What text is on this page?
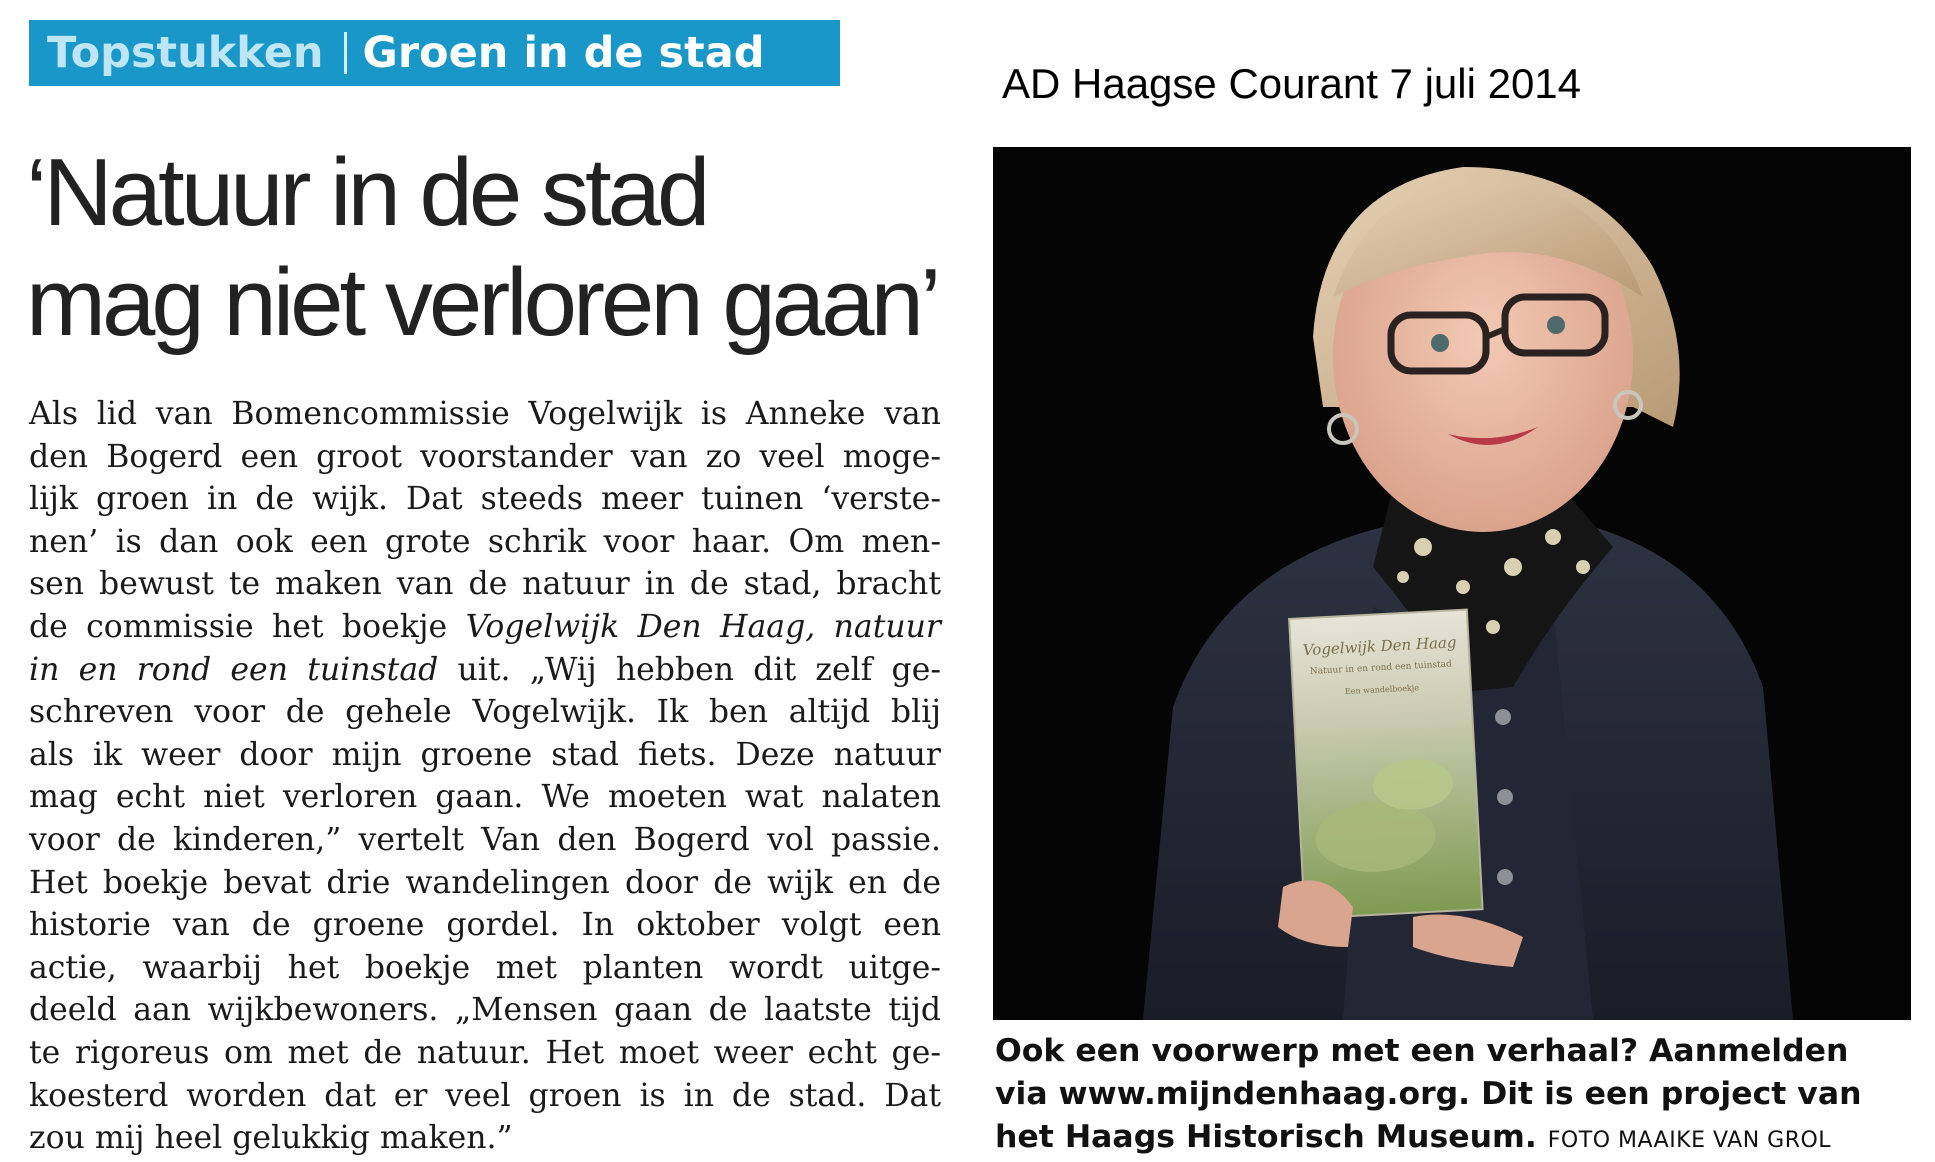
Topstukken Groen in de stad
AD Haagse Courant 7 juli 2014
‘Natuur in de stad
mag niet verloren gaan’
Als lid van Bomencommissie Vogelwijk is Anneke van
den Bogerd een groot voorstander van zo veel moge-
lijk groen in de wijk. Dat steeds meer tuinen ‘verste-
nen’ is dan ook een grote schrik voor haar. Om men-
sen bewust te maken van de natuur in de stad, bracht
de commissie het boekje Vogelwijk Den Haag, natuur
in en rond een tuinstad uit. „Wij hebben dit zelf ge-
schreven voor de gehele Vogelwijk. Ik ben altijd blij
als ik weer door mijn groene stad fiets. Deze natuur
mag echt niet verloren gaan. We moeten wat nalaten
voor de kinderen,” vertelt Van den Bogerd vol passie.
Het boekje bevat drie wandelingen door de wijk en de
historie van de groene gordel. In oktober volgt een
actie, waarbij het boekje met planten wordt uitge-
deeld aan wijkbewoners. „Mensen gaan de laatste tijd
te rigoreus om met de natuur. Het moet weer echt ge-
koesterd worden dat er veel groen is in de stad. Dat
zou mij heel gelukkig maken.”
Vogelwijk Den Haag
Natuur in en rond een tuinstad
Een wandelboekje
Ook een voorwerp met een verhaal? Aanmelden
via www.mijndenhaag.org. Dit is een project van
het Haags Historisch Museum. FOTO MAAIKE VAN GROL
